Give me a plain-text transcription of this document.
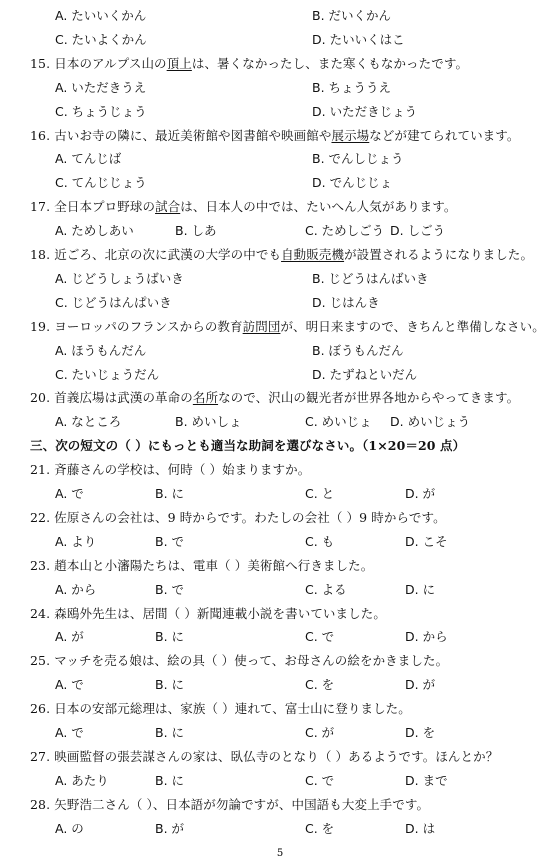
A. たいいくかん	B. だいくかん
C. たいよくかん	D. たいいくはこ
15. 日本のアルプス山の頂上は、暑くなかったし、また寒くもなかったです。
A. いただきうえ	B. ちょううえ
C. ちょうじょう	D. いただきじょう
16. 古いお寺の隣に、最近美術館や図書館や映画館や展示場などが建てられています。
A. てんじば	B. でんしじょう
C. てんじじょう	D. でんじじょ
17. 全日本プロ野球の試合は、日本人の中では、たいへん人気があります。
A. ためしあい	B. しあ	C. ためしごう D. しごう
18. 近ごろ、北京の次に武漢の大学の中でも自動販売機が設置されるようになりました。
A. じどうしょうばいき	B. じどうはんばいき
C. じどうはんぱいき	D. じはんき
19. ヨーロッパのフランスからの教育訪問団が、明日来ますので、きちんと準備しなさい。
A. ほうもんだん	B. ぼうもんだん
C. たいじょうだん	D. たずねといだん
20. 首義広場は武漢の革命の名所なので、沢山の観光者が世界各地からやってきます。
A. なところ	B. めいしょ	C. めいじょ D. めいじょう
三、次の短文の（ ）にもっとも適当な助詞を選びなさい。（1×20＝20 点）
21. 斉藤さんの学校は、何時（ ）始まりますか。
A. で	B. に	C. と	D. が
22. 佐原さんの会社は、9 時からです。わたしの会社（ ）9 時からです。
A. より	B. で	C. も	D. こそ
23. 趙本山と小瀋陽たちは、電車（ ）美術館へ行きました。
A. から	B. で	C. よる	D. に
24. 森鴎外先生は、居間（ ）新聞連載小説を書いていました。
A. が	B. に	C. で	D. から
25. マッチを売る娘は、絵の具（ ）使って、お母さんの絵をかきました。
A. で	B. に	C. を	D. が
26. 日本の安部元総理は、家族（ ）連れて、富士山に登りました。
A. で	B. に	C. が	D. を
27. 映画監督の張芸謀さんの家は、臥仏寺のとなり（ ）あるようです。ほんとか？
A. あたり	B. に	C. で	D. まで
28. 矢野浩二さん（ ）、日本語が勿論ですが、中国語も大変上手です。
A. の	B. が	C. を	D. は
5
